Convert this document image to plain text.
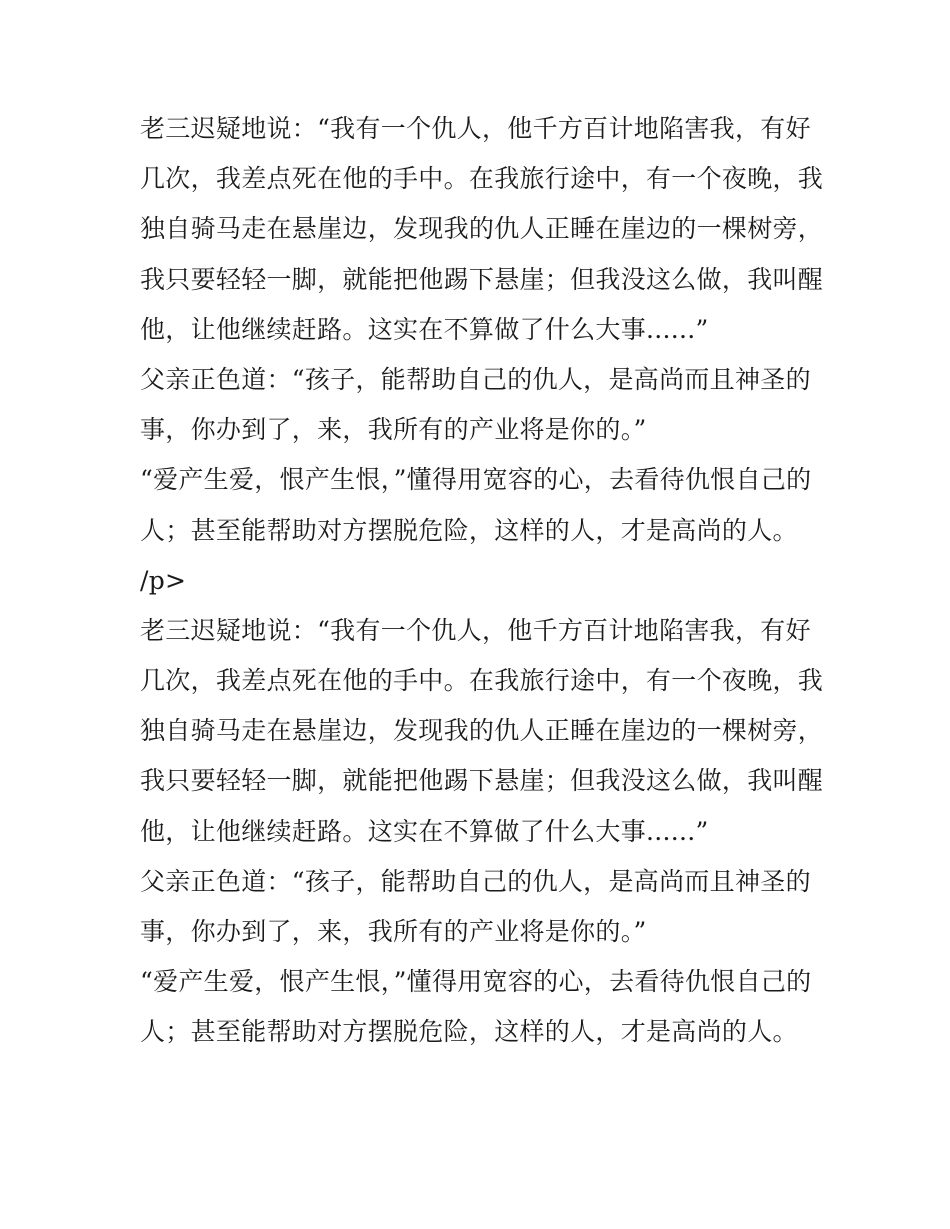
老三迟疑地说：“我有一个仇人，他千方百计地陷害我，有好
几次，我差点死在他的手中。在我旅行途中，有一个夜晚，我
独自骑马走在悬崖边，发现我的仇人正睡在崖边的一棵树旁，
我只要轻轻一脚，就能把他踢下悬崖；但我没这么做，我叫醒
他，让他继续赶路。这实在不算做了什么大事......”
父亲正色道：“孩子，能帮助自己的仇人，是高尚而且神圣的
事，你办到了，来，我所有的产业将是你的。”
“爱产生爱，恨产生恨，”懂得用宽容的心，去看待仇恨自己的
人；甚至能帮助对方摆脱危险，这样的人，才是高尚的人。
/p>
老三迟疑地说：“我有一个仇人，他千方百计地陷害我，有好
几次，我差点死在他的手中。在我旅行途中，有一个夜晚，我
独自骑马走在悬崖边，发现我的仇人正睡在崖边的一棵树旁，
我只要轻轻一脚，就能把他踢下悬崖；但我没这么做，我叫醒
他，让他继续赶路。这实在不算做了什么大事......”
父亲正色道：“孩子，能帮助自己的仇人，是高尚而且神圣的
事，你办到了，来，我所有的产业将是你的。”
“爱产生爱，恨产生恨，”懂得用宽容的心，去看待仇恨自己的
人；甚至能帮助对方摆脱危险，这样的人，才是高尚的人。
